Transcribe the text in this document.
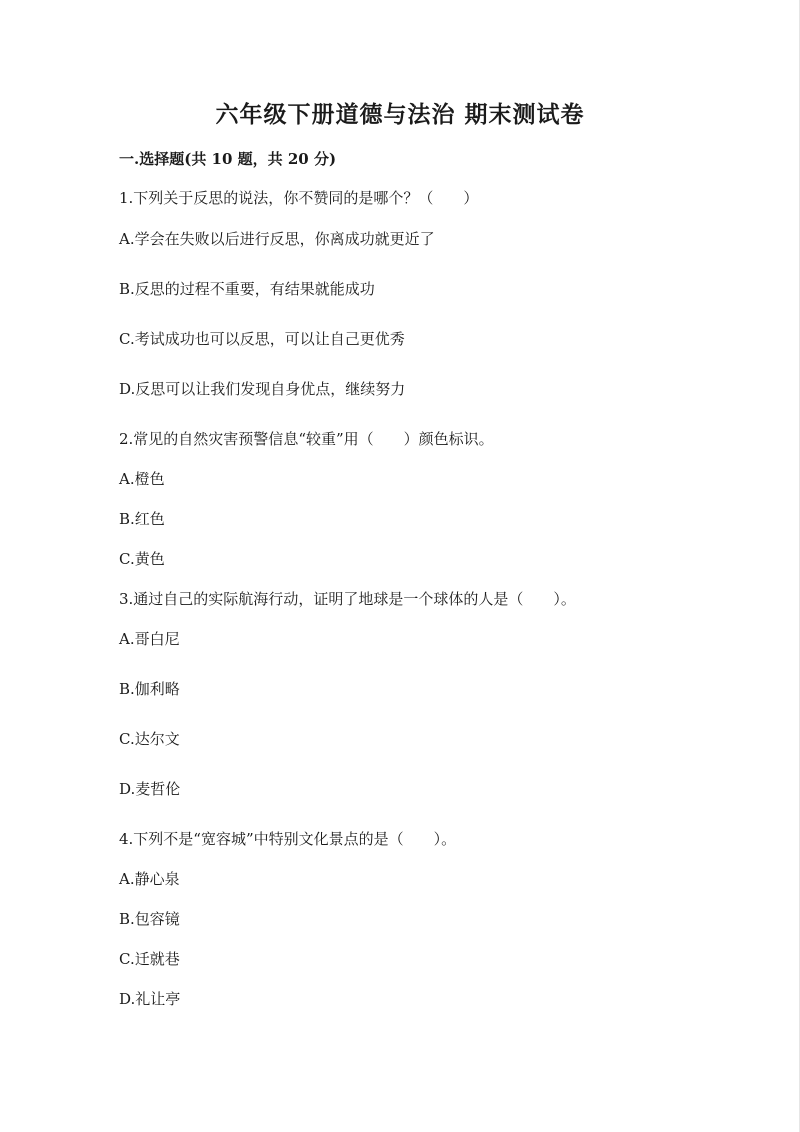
六年级下册道德与法治 期末测试卷
一.选择题(共 10 题，共 20 分)
1.下列关于反思的说法，你不赞同的是哪个？（　　）
A.学会在失败以后进行反思，你离成功就更近了
B.反思的过程不重要，有结果就能成功
C.考试成功也可以反思，可以让自己更优秀
D.反思可以让我们发现自身优点，继续努力
2.常见的自然灾害预警信息“较重”用（　　）颜色标识。
A.橙色
B.红色
C.黄色
3.通过自己的实际航海行动，证明了地球是一个球体的人是（　　）。
A.哥白尼
B.伽利略
C.达尔文
D.麦哲伦
4.下列不是“宽容城”中特别文化景点的是（　　）。
A.静心泉
B.包容镜
C.迁就巷
D.礼让亭
